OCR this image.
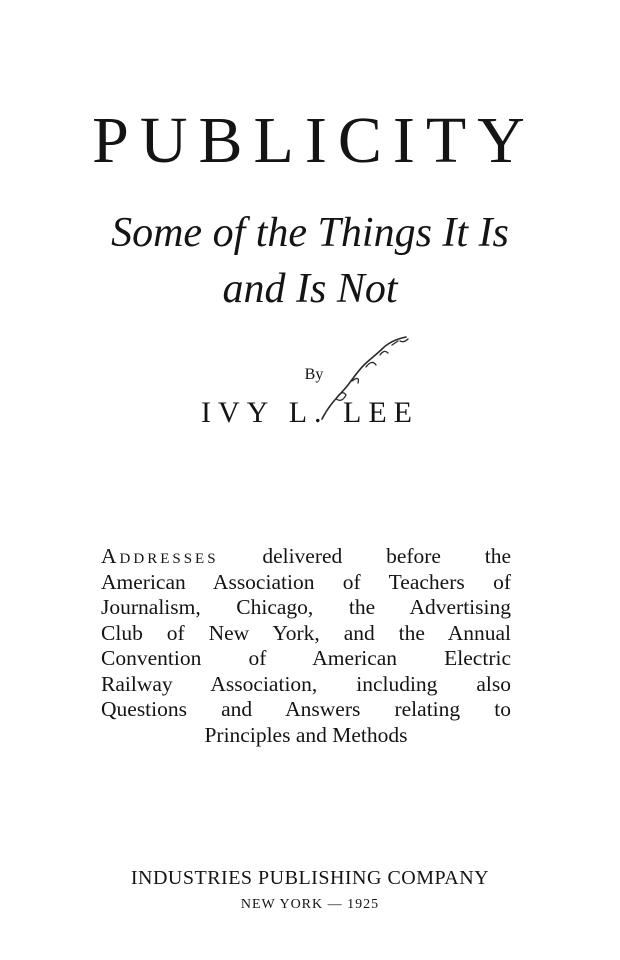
PUBLICITY
Some of the Things It Is
and Is Not
By
IVY L. LEE
Addresses delivered before the
American Association of Teachers of
Journalism, Chicago, the Advertising
Club of New York, and the Annual
Convention of American Electric
Railway Association, including also
Questions and Answers relating to
Principles and Methods
INDUSTRIES PUBLISHING COMPANY
NEW YORK — 1925
